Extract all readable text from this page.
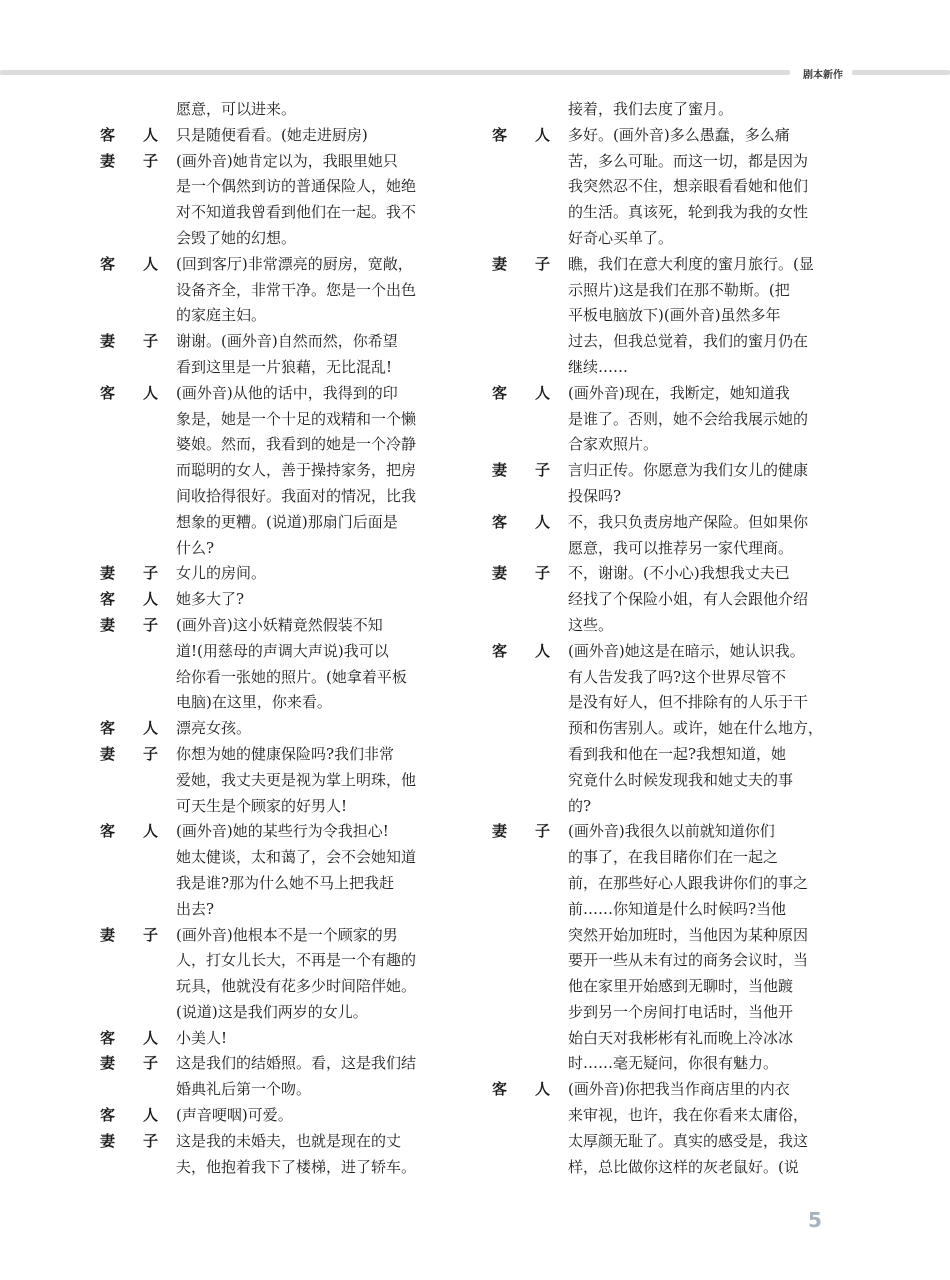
剧本新作
愿意，可以进来。
客 人 只是随便看看。(她走进厨房)
妻 子 (画外音)她肯定以为，我眼里她只
是一个偶然到访的普通保险人，她绝
对不知道我曾看到他们在一起。我不
会毁了她的幻想。
客 人 (回到客厅)非常漂亮的厨房，宽敞，
设备齐全，非常干净。您是一个出色
的家庭主妇。
妻 子 谢谢。(画外音)自然而然，你希望
看到这里是一片狼藉，无比混乱!
客 人 (画外音)从他的话中，我得到的印
象是，她是一个十足的戏精和一个懒
婆娘。然而，我看到的她是一个冷静
而聪明的女人，善于操持家务，把房
间收拾得很好。我面对的情况，比我
想象的更糟。(说道)那扇门后面是
什么?
妻 子 女儿的房间。
客 人 她多大了?
妻 子 (画外音)这小妖精竟然假装不知
道!(用慈母的声调大声说)我可以
给你看一张她的照片。(她拿着平板
电脑)在这里，你来看。
客 人 漂亮女孩。
妻 子 你想为她的健康保险吗?我们非常
爱她，我丈夫更是视为掌上明珠，他
可天生是个顾家的好男人!
客 人 (画外音)她的某些行为令我担心!
她太健谈，太和蔼了，会不会她知道
我是谁?那为什么她不马上把我赶
出去?
妻 子 (画外音)他根本不是一个顾家的男
人，打女儿长大，不再是一个有趣的
玩具，他就没有花多少时间陪伴她。
(说道)这是我们两岁的女儿。
客 人 小美人!
妻 子 这是我们的结婚照。看，这是我们结
婚典礼后第一个吻。
客 人 (声音哽咽)可爱。
妻 子 这是我的未婚夫，也就是现在的丈
夫，他抱着我下了楼梯，进了轿车。
接着，我们去度了蜜月。
客 人 多好。(画外音)多么愚蠢，多么痛
苦，多么可耻。而这一切，都是因为
我突然忍不住，想亲眼看看她和他们
的生活。真该死，轮到我为我的女性
好奇心买单了。
妻 子 瞧，我们在意大利度的蜜月旅行。(显
示照片)这是我们在那不勒斯。(把
平板电脑放下)(画外音)虽然多年
过去，但我总觉着，我们的蜜月仍在
继续……
客 人 (画外音)现在，我断定，她知道我
是谁了。否则，她不会给我展示她的
合家欢照片。
妻 子 言归正传。你愿意为我们女儿的健康
投保吗?
客 人 不，我只负责房地产保险。但如果你
愿意，我可以推荐另一家代理商。
妻 子 不，谢谢。(不小心)我想我丈夫已
经找了个保险小姐，有人会跟他介绍
这些。
客 人 (画外音)她这是在暗示，她认识我。
有人告发我了吗?这个世界尽管不
是没有好人，但不排除有的人乐于干
预和伤害别人。或许，她在什么地方，
看到我和他在一起?我想知道，她
究竟什么时候发现我和她丈夫的事
的?
妻 子 (画外音)我很久以前就知道你们
的事了，在我目睹你们在一起之
前，在那些好心人跟我讲你们的事之
前……你知道是什么时候吗?当他
突然开始加班时，当他因为某种原因
要开一些从未有过的商务会议时，当
他在家里开始感到无聊时，当他踱
步到另一个房间打电话时，当他开
始白天对我彬彬有礼而晚上冷冰冰
时……毫无疑问，你很有魅力。
客 人 (画外音)你把我当作商店里的内衣
来审视，也许，我在你看来太庸俗，
太厚颜无耻了。真实的感受是，我这
样，总比做你这样的灰老鼠好。(说
5
